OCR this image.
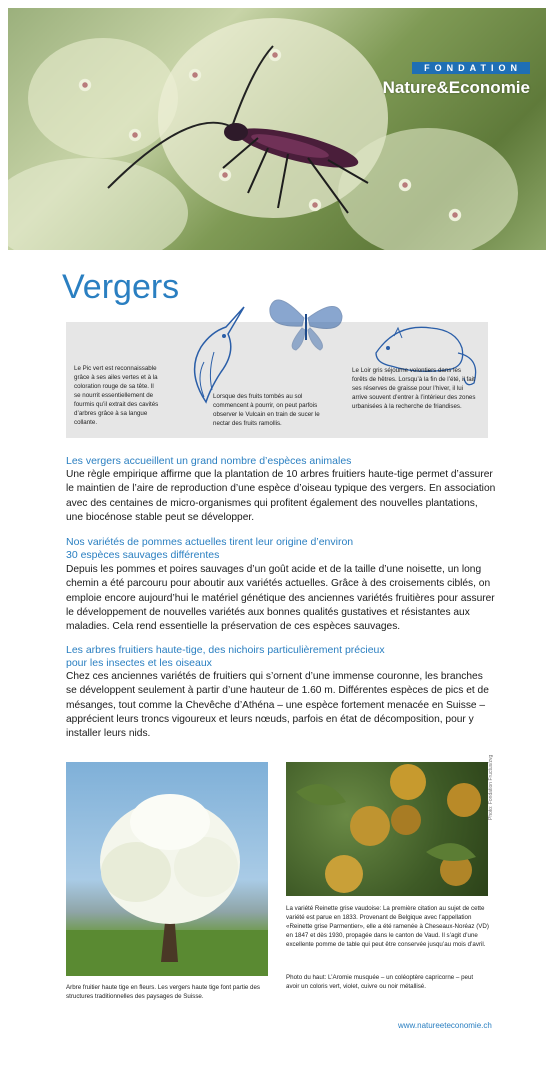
FONDATION
Nature&Economie
Vergers
Le Pic vert est reconnaissable grâce à ses ailes vertes et à la coloration rouge de sa tête. Il se nourrit essentiellement de fourmis qu’il extrait des cavités d’arbres grâce à sa langue collante.
Lorsque des fruits tombés au sol commencent à pourrir, on peut parfois observer le Vulcain en train de sucer le nectar des fruits ramollis.
Le Loir gris séjourne volontiers dans les forêts de hêtres. Lorsqu’à la fin de l’été, il fait ses réserves de graisse pour l’hiver, il lui arrive souvent d’entrer à l’intérieur des zones urbanisées à la recherche de friandises.
Les vergers accueillent un grand nombre d’espèces animales

Une règle empirique affirme que la plantation de 10 arbres fruitiers haute-tige permet d’assurer le maintien de l’aire de reproduction d’une espèce d’oiseau typique des vergers. En association avec des centaines de micro-organismes qui profitent également des nouvelles plantations, une biocénose stable peut se développer.

Nos variétés de pommes actuelles tirent leur origine d’environ 30 espèces sauvages différentes

Depuis les pommes et poires sauvages d’un goût acide et de la taille d’une noisette, un long chemin a été parcouru pour aboutir aux variétés actuelles. Grâce à des croisements ciblés, on emploie encore aujourd’hui le matériel génétique des anciennes variétés fruitières pour assurer le développement de nouvelles variétés aux bonnes qualités gustatives et résistantes aux maladies. Cela rend essentielle la préservation de ces espèces sauvages.

Les arbres fruitiers haute-tige, des nichoirs particulièrement précieux pour les insectes et les oiseaux

Chez ces anciennes variétés de fruitiers qui s’ornent d’une immense couronne, les branches se développent seulement à partir d’une hauteur de 1.60 m. Différentes espèces de pics et de mésanges, tout comme la Chevêche d’Athéna – une espèce fortement menacée en Suisse – apprécient leurs troncs vigoureux et leurs nœuds, parfois en état de décomposition, pour y installer leurs nids.

Arbre fruitier haute tige en fleurs. Les vergers haute tige font partie des structures traditionnelles des paysages de Suisse.
Photo: Fondation Fructus/zvg
La variété Reinette grise vaudoise: La première citation au sujet de cette variété est parue en 1833. Provenant de Belgique avec l’appellation «Reinette grise Parmentier», elle a été ramenée à Cheseaux-Noréaz (VD) en 1847 et dès 1930, propagée dans le canton de Vaud. Il s’agit d’une excellente pomme de table qui peut être conservée jusqu’au mois d’avril.
Photo du haut: L’Aromie musquée – un coléoptère capricorne – peut avoir un coloris vert, violet, cuivre ou noir métallisé.
www.natureeteconomie.ch
